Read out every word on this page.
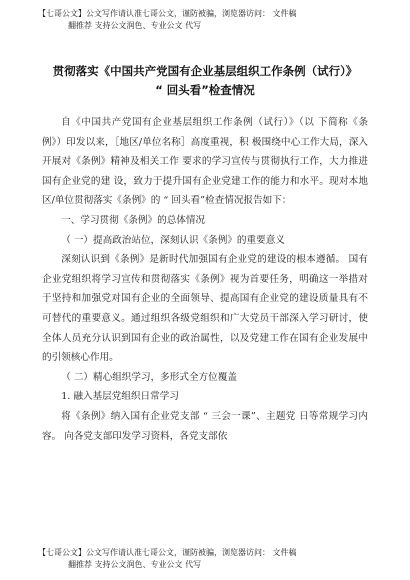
【七哥公文】公文写作请认准七哥公文，谨防被骗，浏览器访问： 文件稿
翻推荐 支持公文润色、专业公文 代写
贯彻落实《中国共产党国有企业基层组织工作条例（试行）》
“ 回头看”检查情况

自《中国共产党国有企业基层组织工作条例（试行）》（以 下简称《条例》）印发以来，［地区/单位名称］高度重视，积 极围绕中心工作大局，深入开展对《条例》精神及相关工作 要求的学习宣传与贯彻执行工作，大力推进国有企业党的建 设，致力于提升国有企业党建工作的能力和水平。现对本地 区/单位贯彻落实《条例》的 “ 回头看”检查情况报告如下：

一、学习贯彻《条例》的总体情况

（ 一）提高政治站位，深刻认识《条例》的重要意义

深刻认识到《条例》是新时代加强国有企业党的建设的根本遵循。 国有企业党组织将学习宣传和贯彻落实《条例》视为首要任务，明确这一举措对于坚持和加强党对国有企业的全面领导、提高国有企业党的建设质量具有不可替代的重要意义。通过组织各级党组织和广大党员干部深入学习研讨，使全体人员充分认识到国有企业的政治属性，以及党建工作在国有企业发展中的引领核心作用。

（ 二）精心组织学习，多形式全方位覆盖

1. 融入基层党组织日常学习

将《条例》纳入国有企业党支部 “ 三会一课”、主题党 日等常规学习内容。 向各党支部印发学习资料，各党支部依

【七哥公文】公文写作请认准七哥公文，谨防被骗，浏览器访问： 文件稿
翻推荐 支持公文润色、专业公文 代写
